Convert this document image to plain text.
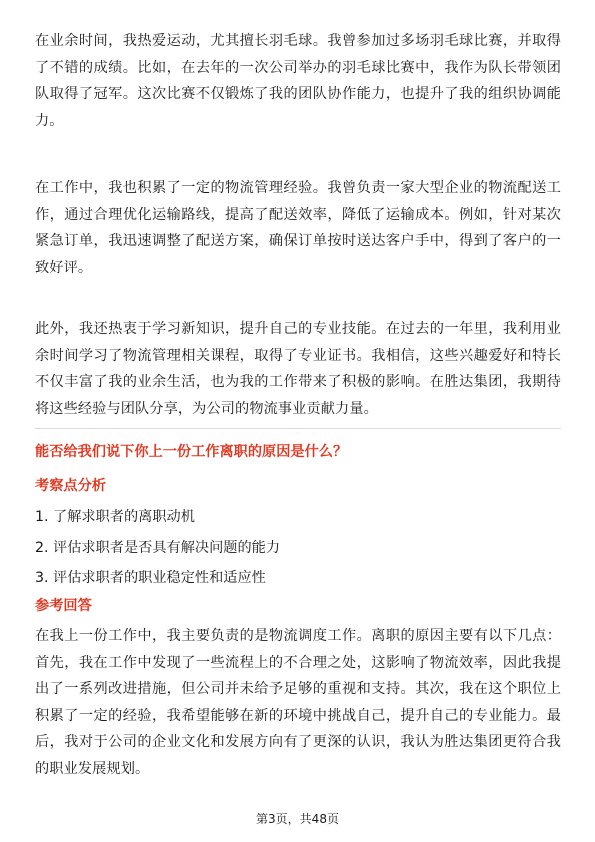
在业余时间，我热爱运动，尤其擅长羽毛球。我曾参加过多场羽毛球比赛，并取得了不错的成绩。比如，在去年的一次公司举办的羽毛球比赛中，我作为队长带领团队取得了冠军。这次比赛不仅锻炼了我的团队协作能力，也提升了我的组织协调能力。

在工作中，我也积累了一定的物流管理经验。我曾负责一家大型企业的物流配送工作，通过合理优化运输路线，提高了配送效率，降低了运输成本。例如，针对某次紧急订单，我迅速调整了配送方案，确保订单按时送达客户手中，得到了客户的一致好评。

此外，我还热衷于学习新知识，提升自己的专业技能。在过去的一年里，我利用业余时间学习了物流管理相关课程，取得了专业证书。我相信，这些兴趣爱好和特长不仅丰富了我的业余生活，也为我的工作带来了积极的影响。在胜达集团，我期待将这些经验与团队分享，为公司的物流事业贡献力量。

能否给我们说下你上一份工作离职的原因是什么？

考察点分析

1. 了解求职者的离职动机

2. 评估求职者是否具有解决问题的能力

3. 评估求职者的职业稳定性和适应性

参考回答

在我上一份工作中，我主要负责的是物流调度工作。离职的原因主要有以下几点：首先，我在工作中发现了一些流程上的不合理之处，这影响了物流效率，因此我提出了一系列改进措施，但公司并未给予足够的重视和支持。其次，我在这个职位上积累了一定的经验，我希望能够在新的环境中挑战自己，提升自己的专业能力。最后，我对于公司的企业文化和发展方向有了更深的认识，我认为胜达集团更符合我的职业发展规划。

第3页，共48页
